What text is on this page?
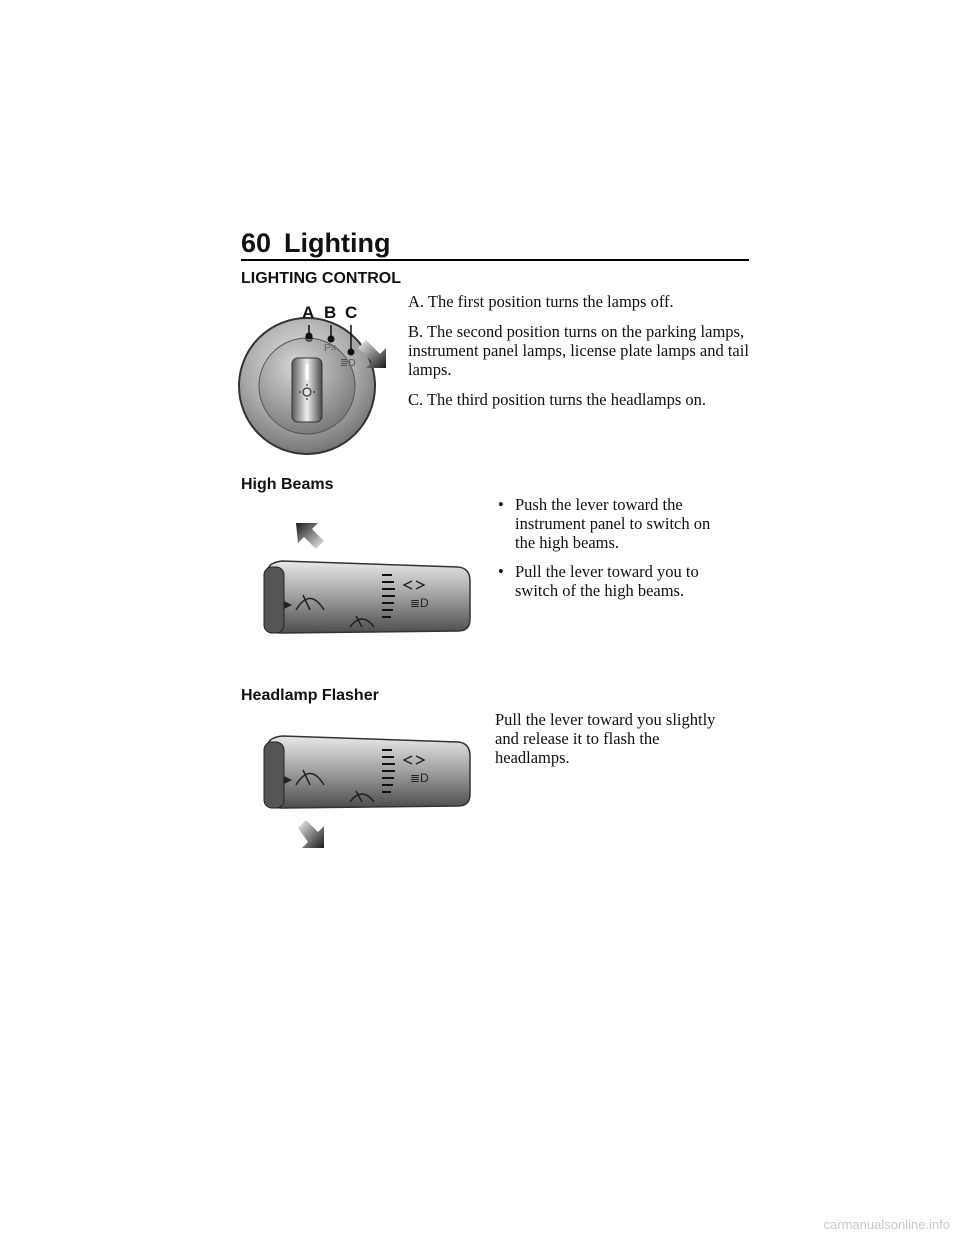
60 Lighting
LIGHTING CONTROL
P≡
≣D
A B C

A. The first position turns the lamps off.

B. The second position turns on the parking lamps, instrument panel lamps, license plate lamps and tail lamps.

C. The third position turns the headlamps on.

High Beams
≣D
• Push the lever toward the instrument panel to switch on the high beams.
• Pull the lever toward you to switch of the high beams.
Headlamp Flasher
≣D
Pull the lever toward you slightly and release it to flash the headlamps.
carmanualsonline.info
